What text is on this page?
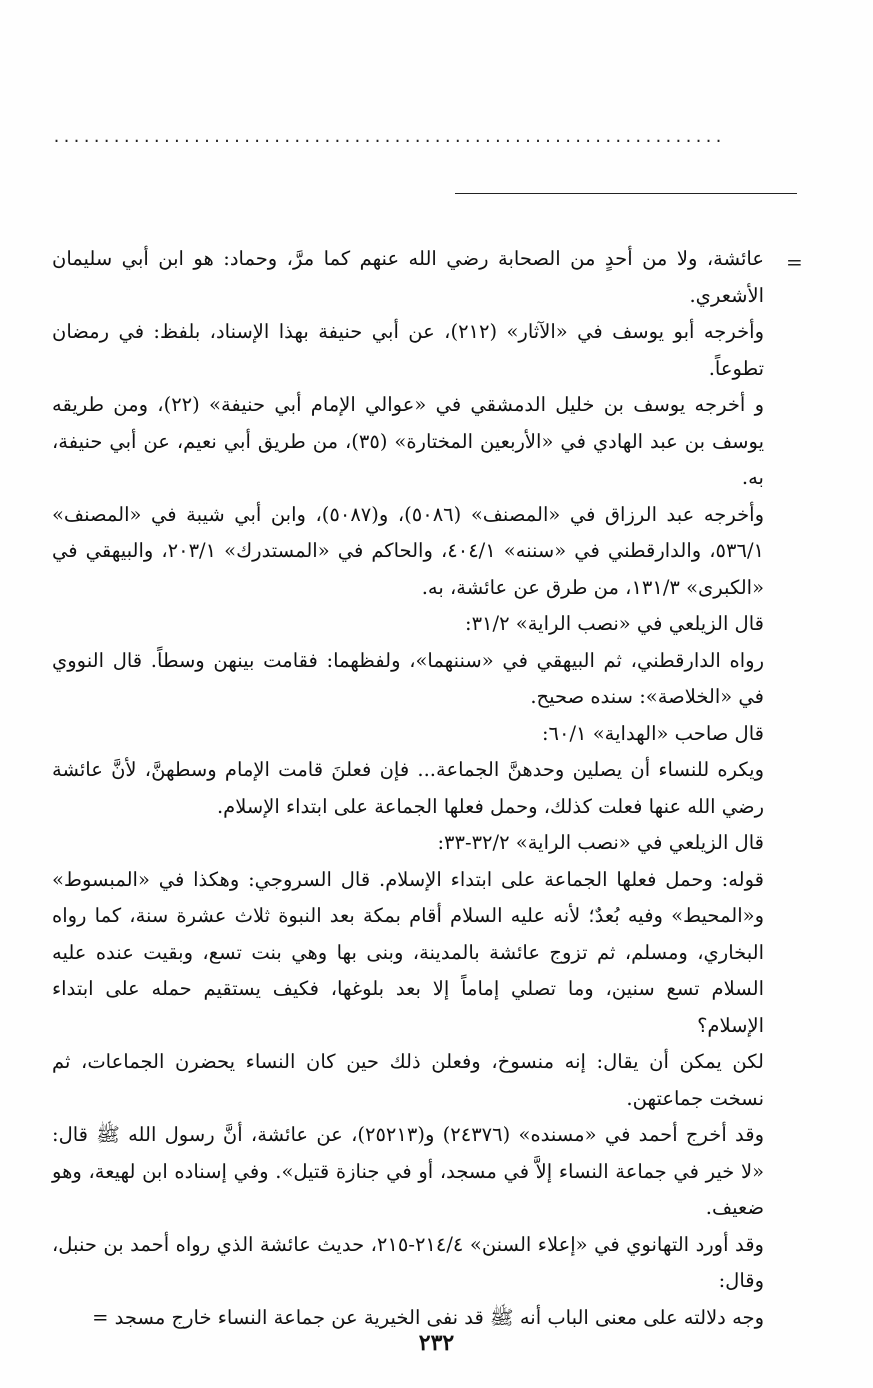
...................................................................
=

عائشة، ولا من أحدٍ من الصحابة رضي الله عنهم كما مرَّ، وحماد: هو ابن أبي سليمان الأشعري.

وأخرجه أبو يوسف في «الآثار» (٢١٢)، عن أبي حنيفة بهذا الإسناد، بلفظ: في رمضان تطوعاً.

و أخرجه يوسف بن خليل الدمشقي في «عوالي الإمام أبي حنيفة» (٢٢)، ومن طريقه يوسف بن عبد الهادي في «الأربعين المختارة» (٣٥)، من طريق أبي نعيم، عن أبي حنيفة، به.

وأخرجه عبد الرزاق في «المصنف» (٥٠٨٦)، و(٥٠٨٧)، وابن أبي شيبة في «المصنف» ٥٣٦/١، والدارقطني في «سننه» ٤٠٤/١، والحاكم في «المستدرك» ٢٠٣/١، والبيهقي في «الكبرى» ١٣١/٣، من طرق عن عائشة، به.

قال الزيلعي في «نصب الراية» ٣١/٢:

رواه الدارقطني، ثم البيهقي في «سننهما»، ولفظهما: فقامت بينهن وسطاً. قال النووي في «الخلاصة»: سنده صحيح.

قال صاحب «الهداية» ٦٠/١:

ويكره للنساء أن يصلين وحدهنَّ الجماعة... فإن فعلنَ قامت الإمام وسطهنَّ، لأنَّ عائشة رضي الله عنها فعلت كذلك، وحمل فعلها الجماعة على ابتداء الإسلام.

قال الزيلعي في «نصب الراية» ٣٢/٢-٣٣:

قوله: وحمل فعلها الجماعة على ابتداء الإسلام. قال السروجي: وهكذا في «المبسوط» و«المحيط» وفيه بُعدٌ؛ لأنه عليه السلام أقام بمكة بعد النبوة ثلاث عشرة سنة، كما رواه البخاري، ومسلم، ثم تزوج عائشة بالمدينة، وبنى بها وهي بنت تسع، وبقيت عنده عليه السلام تسع سنين، وما تصلي إماماً إلا بعد بلوغها، فكيف يستقيم حمله على ابتداء الإسلام؟

لكن يمكن أن يقال: إنه منسوخ، وفعلن ذلك حين كان النساء يحضرن الجماعات، ثم نسخت جماعتهن.

وقد أخرج أحمد في «مسنده» (٢٤٣٧٦) و(٢٥٢١٣)، عن عائشة، أنَّ رسول الله ﷺ قال: «لا خير في جماعة النساء إلاَّ في مسجد، أو في جنازة قتيل». وفي إسناده ابن لهيعة، وهو ضعيف.

وقد أورد التهانوي في «إعلاء السنن» ٢١٤/٤-٢١٥، حديث عائشة الذي رواه أحمد بن حنبل، وقال:

وجه دلالته على معنى الباب أنه ﷺ قد نفى الخيرية عن جماعة النساء خارج مسجد =

٢٣٢
